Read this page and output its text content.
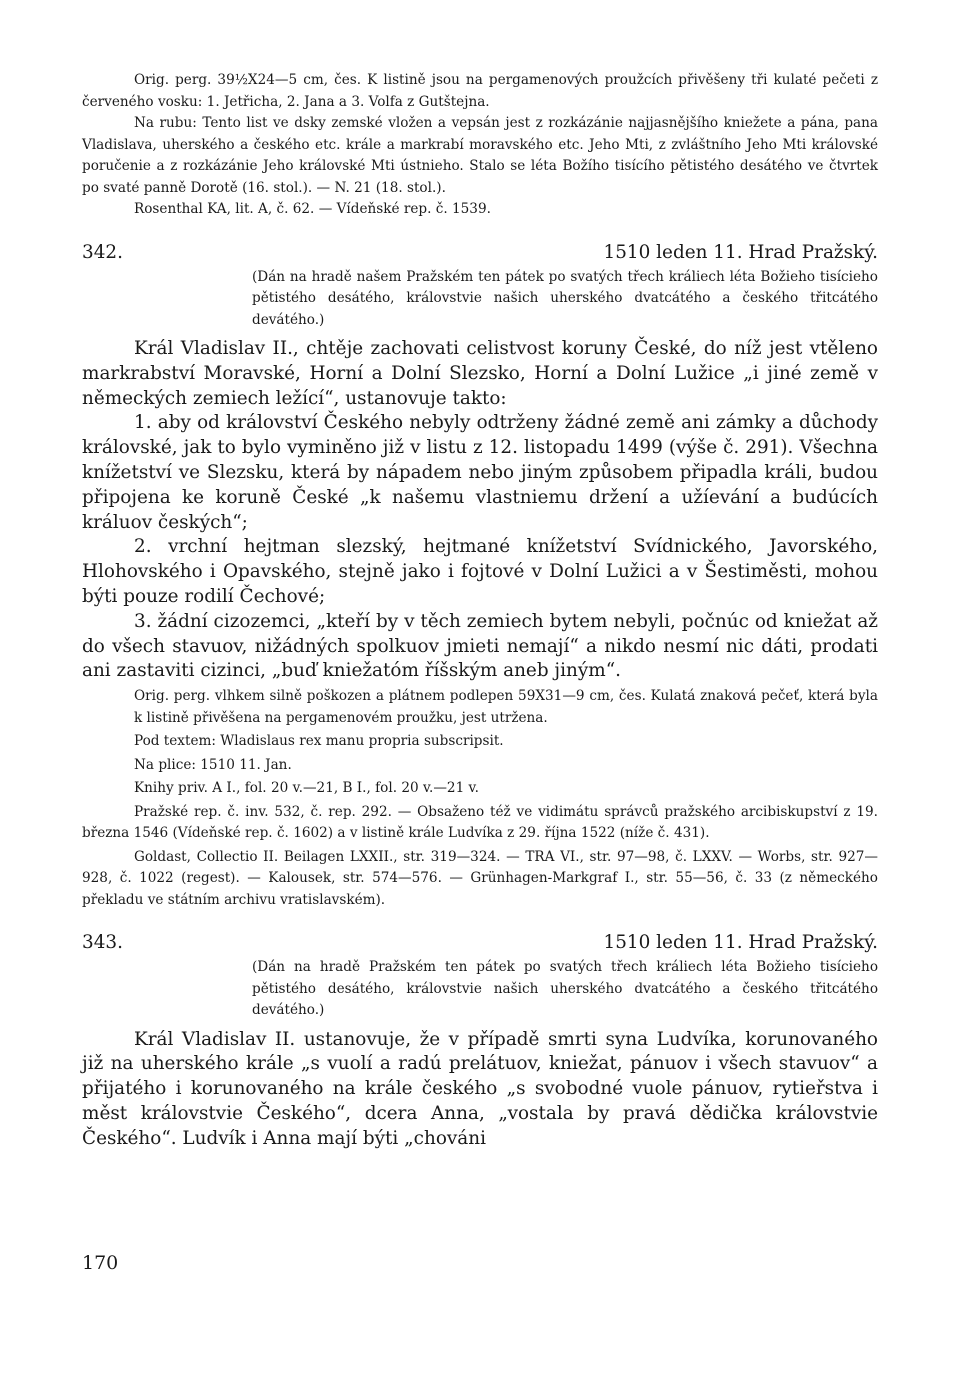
Orig. perg. 39½X24—5 cm, čes. K listině jsou na pergamenových proužcích přivěšeny tři kulaté pečeti z červeného vosku: 1. Jetřicha, 2. Jana a 3. Volfa z Gutštejna.

Na rubu: Tento list ve dsky zemské vložen a vepsán jest z rozkázánie najjasnějšího kniežete a pána, pana Vladislava, uherského a českého etc. krále a markrabí moravského etc. Jeho Mti, z zvláštního Jeho Mti královské poručenie a z rozkázánie Jeho královské Mti ústnieho. Stalo se léta Božího tisícího pětistého desátého ve čtvrtek po svaté panně Dorotě (16. stol.). — N. 21 (18. stol.).

Rosenthal KA, lit. A, č. 62. — Vídeňské rep. č. 1539.

342.	1510 leden 11. Hrad Pražský.

(Dán na hradě našem Pražském ten pátek po svatých třech králiech léta Božieho tisícieho pětistého desátého, královstvie našich uherského dvatcátého a českého třitcátého devátého.)

Král Vladislav II., chtěje zachovati celistvost koruny České, do níž jest vtěleno markrabství Moravské, Horní a Dolní Slezsko, Horní a Dolní Lužice „i jiné země v německých zemiech ležící“, ustanovuje takto:

1. aby od království Českého nebyly odtrženy žádné země ani zámky a důchody královské, jak to bylo vyminěno již v listu z 12. listopadu 1499 (výše č. 291). Všechna knížetství ve Slezsku, která by nápadem nebo jiným způsobem připadla králi, budou připojena ke koruně České „k našemu vlastniemu držení a užíevání a budúcích králuov českých“;

2. vrchní hejtman slezský, hejtmané knížetství Svídnického, Javorského, Hlohovského i Opavského, stejně jako i fojtové v Dolní Lužici a v Šestiměsti, mohou býti pouze rodilí Čechové;

3. žádní cizozemci, „kteří by v těch zemiech bytem nebyli, počnúc od kniežat až do všech stavuov, nižádných spolkuov jmieti nemají“ a nikdo nesmí nic dáti, prodati ani zastaviti cizinci, „buď kniežatóm říšským aneb jiným“.

Orig. perg. vlhkem silně poškozen a plátnem podlepen 59X31—9 cm, čes. Kulatá znaková pečeť, která byla k listině přivěšena na pergamenovém proužku, jest utržena.

Pod textem: Wladislaus rex manu propria subscripsit.

Na plice: 1510 11. Jan.

Knihy priv. A I., fol. 20 v.—21, B I., fol. 20 v.—21 v.

Pražské rep. č. inv. 532, č. rep. 292. — Obsaženo též ve vidimátu správců pražského arcibiskupství z 19. března 1546 (Vídeňské rep. č. 1602) a v listině krále Ludvíka z 29. října 1522 (níže č. 431).

Goldast, Collectio II. Beilagen LXXII., str. 319—324. — TRA VI., str. 97—98, č. LXXV. — Worbs, str. 927—928, č. 1022 (regest). — Kalousek, str. 574—576. — Grünhagen-Markgraf I., str. 55—56, č. 33 (z německého překladu ve státním archivu vratislavském).

343.	1510 leden 11. Hrad Pražský.

(Dán na hradě Pražském ten pátek po svatých třech králiech léta Božieho tisícieho pětistého desátého, královstvie našich uherského dvatcátého a českého třitcátého devátého.)

Král Vladislav II. ustanovuje, že v případě smrti syna Ludvíka, korunovaného již na uherského krále „s vuolí a radú prelátuov, kniežat, pánuov i všech stavuov“ a přijatého i korunovaného na krále českého „s svobodné vuole pánuov, rytieřstva i měst královstvie Českého“, dcera Anna, „vostala by pravá dědička královstvie Českého“. Ludvík i Anna mají býti „chováni

170
